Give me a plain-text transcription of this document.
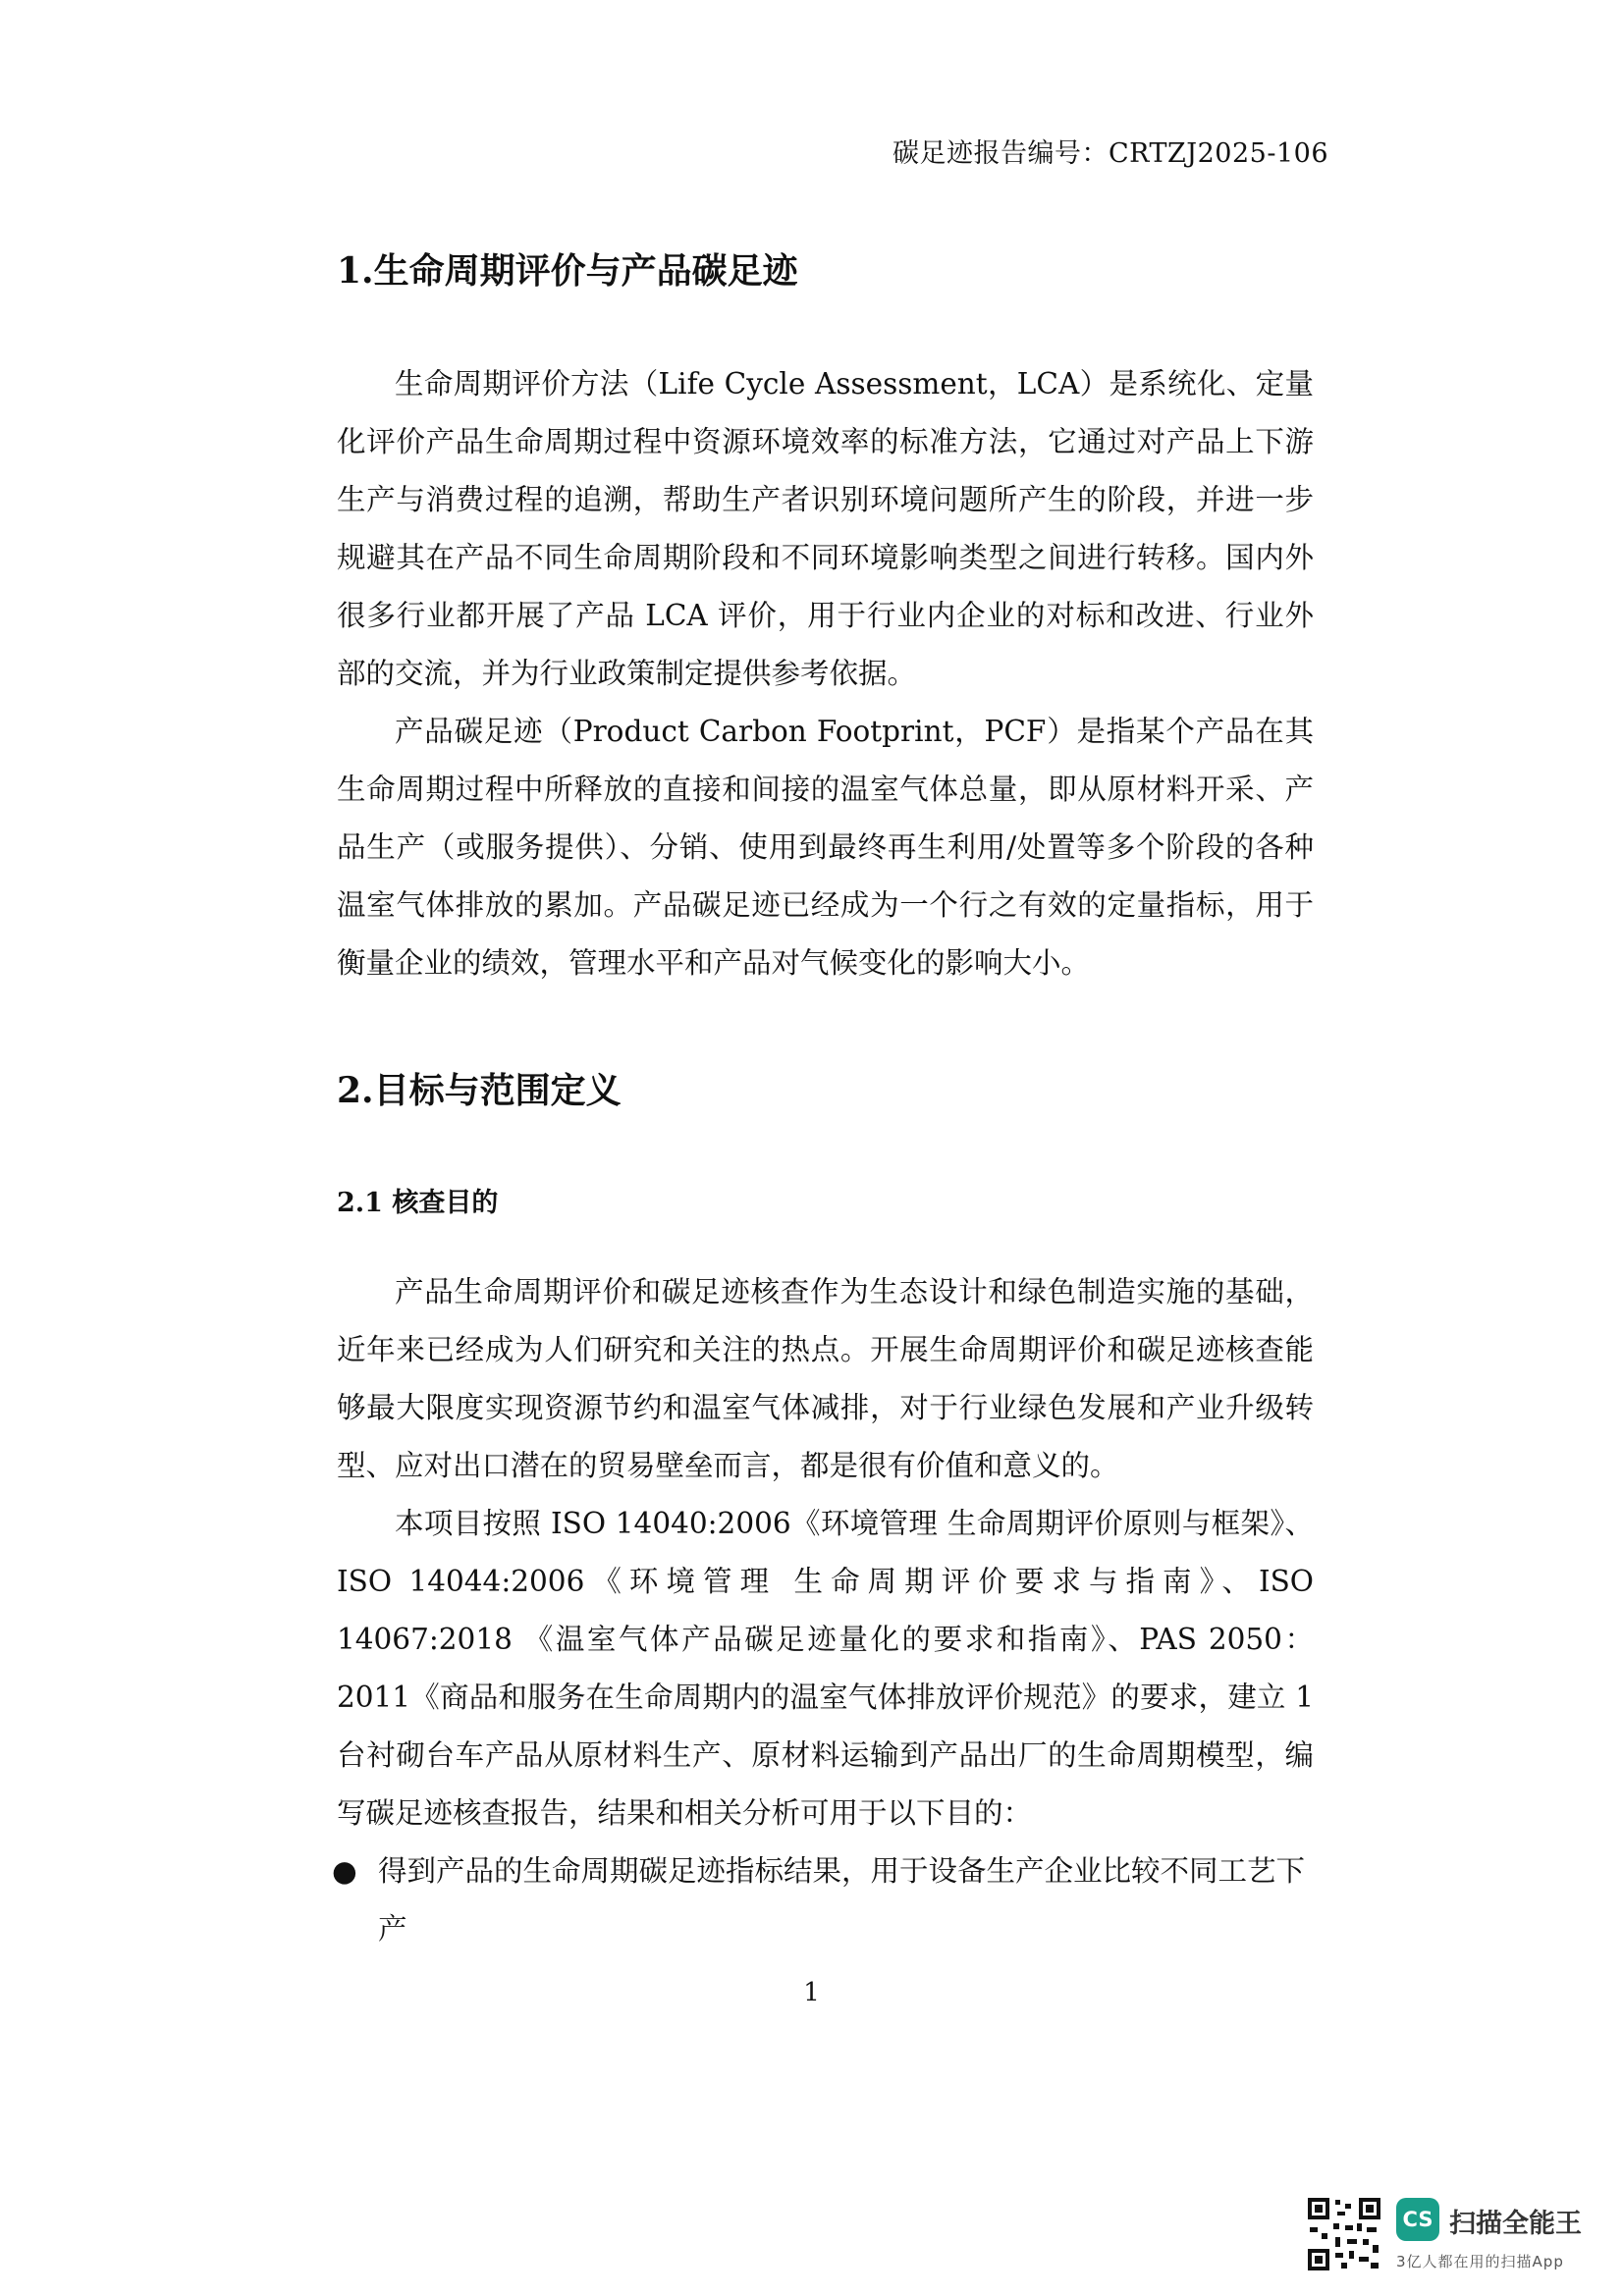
碳足迹报告编号：CRTZJ2025-106
1.生命周期评价与产品碳足迹

生命周期评价方法（Life Cycle Assessment，LCA）是系统化、定量化评价产品生命周期过程中资源环境效率的标准方法，它通过对产品上下游生产与消费过程的追溯，帮助生产者识别环境问题所产生的阶段，并进一步规避其在产品不同生命周期阶段和不同环境影响类型之间进行转移。国内外很多行业都开展了产品 LCA 评价，用于行业内企业的对标和改进、行业外部的交流，并为行业政策制定提供参考依据。

产品碳足迹（Product Carbon Footprint，PCF）是指某个产品在其生命周期过程中所释放的直接和间接的温室气体总量，即从原材料开采、产品生产（或服务提供）、分销、使用到最终再生利用/处置等多个阶段的各种温室气体排放的累加。产品碳足迹已经成为一个行之有效的定量指标，用于衡量企业的绩效，管理水平和产品对气候变化的影响大小。

2.目标与范围定义
2.1 核查目的

产品生命周期评价和碳足迹核查作为生态设计和绿色制造实施的基础，近年来已经成为人们研究和关注的热点。开展生命周期评价和碳足迹核查能够最大限度实现资源节约和温室气体减排，对于行业绿色发展和产业升级转型、应对出口潜在的贸易壁垒而言，都是很有价值和意义的。

本项目按照 ISO 14040:2006《环境管理 生命周期评价原则与框架》、ISO 14044:2006《环境管理 生命周期评价要求与指南》、ISO 14067:2018 《温室气体产品碳足迹量化的要求和指南》、PAS 2050：2011《商品和服务在生命周期内的温室气体排放评价规范》的要求，建立 1 台衬砌台车产品从原材料生产、原材料运输到产品出厂的生命周期模型，编写碳足迹核查报告，结果和相关分析可用于以下目的：

● 得到产品的生命周期碳足迹指标结果，用于设备生产企业比较不同工艺下产
1
CS 扫描全能王
3亿人都在用的扫描App
